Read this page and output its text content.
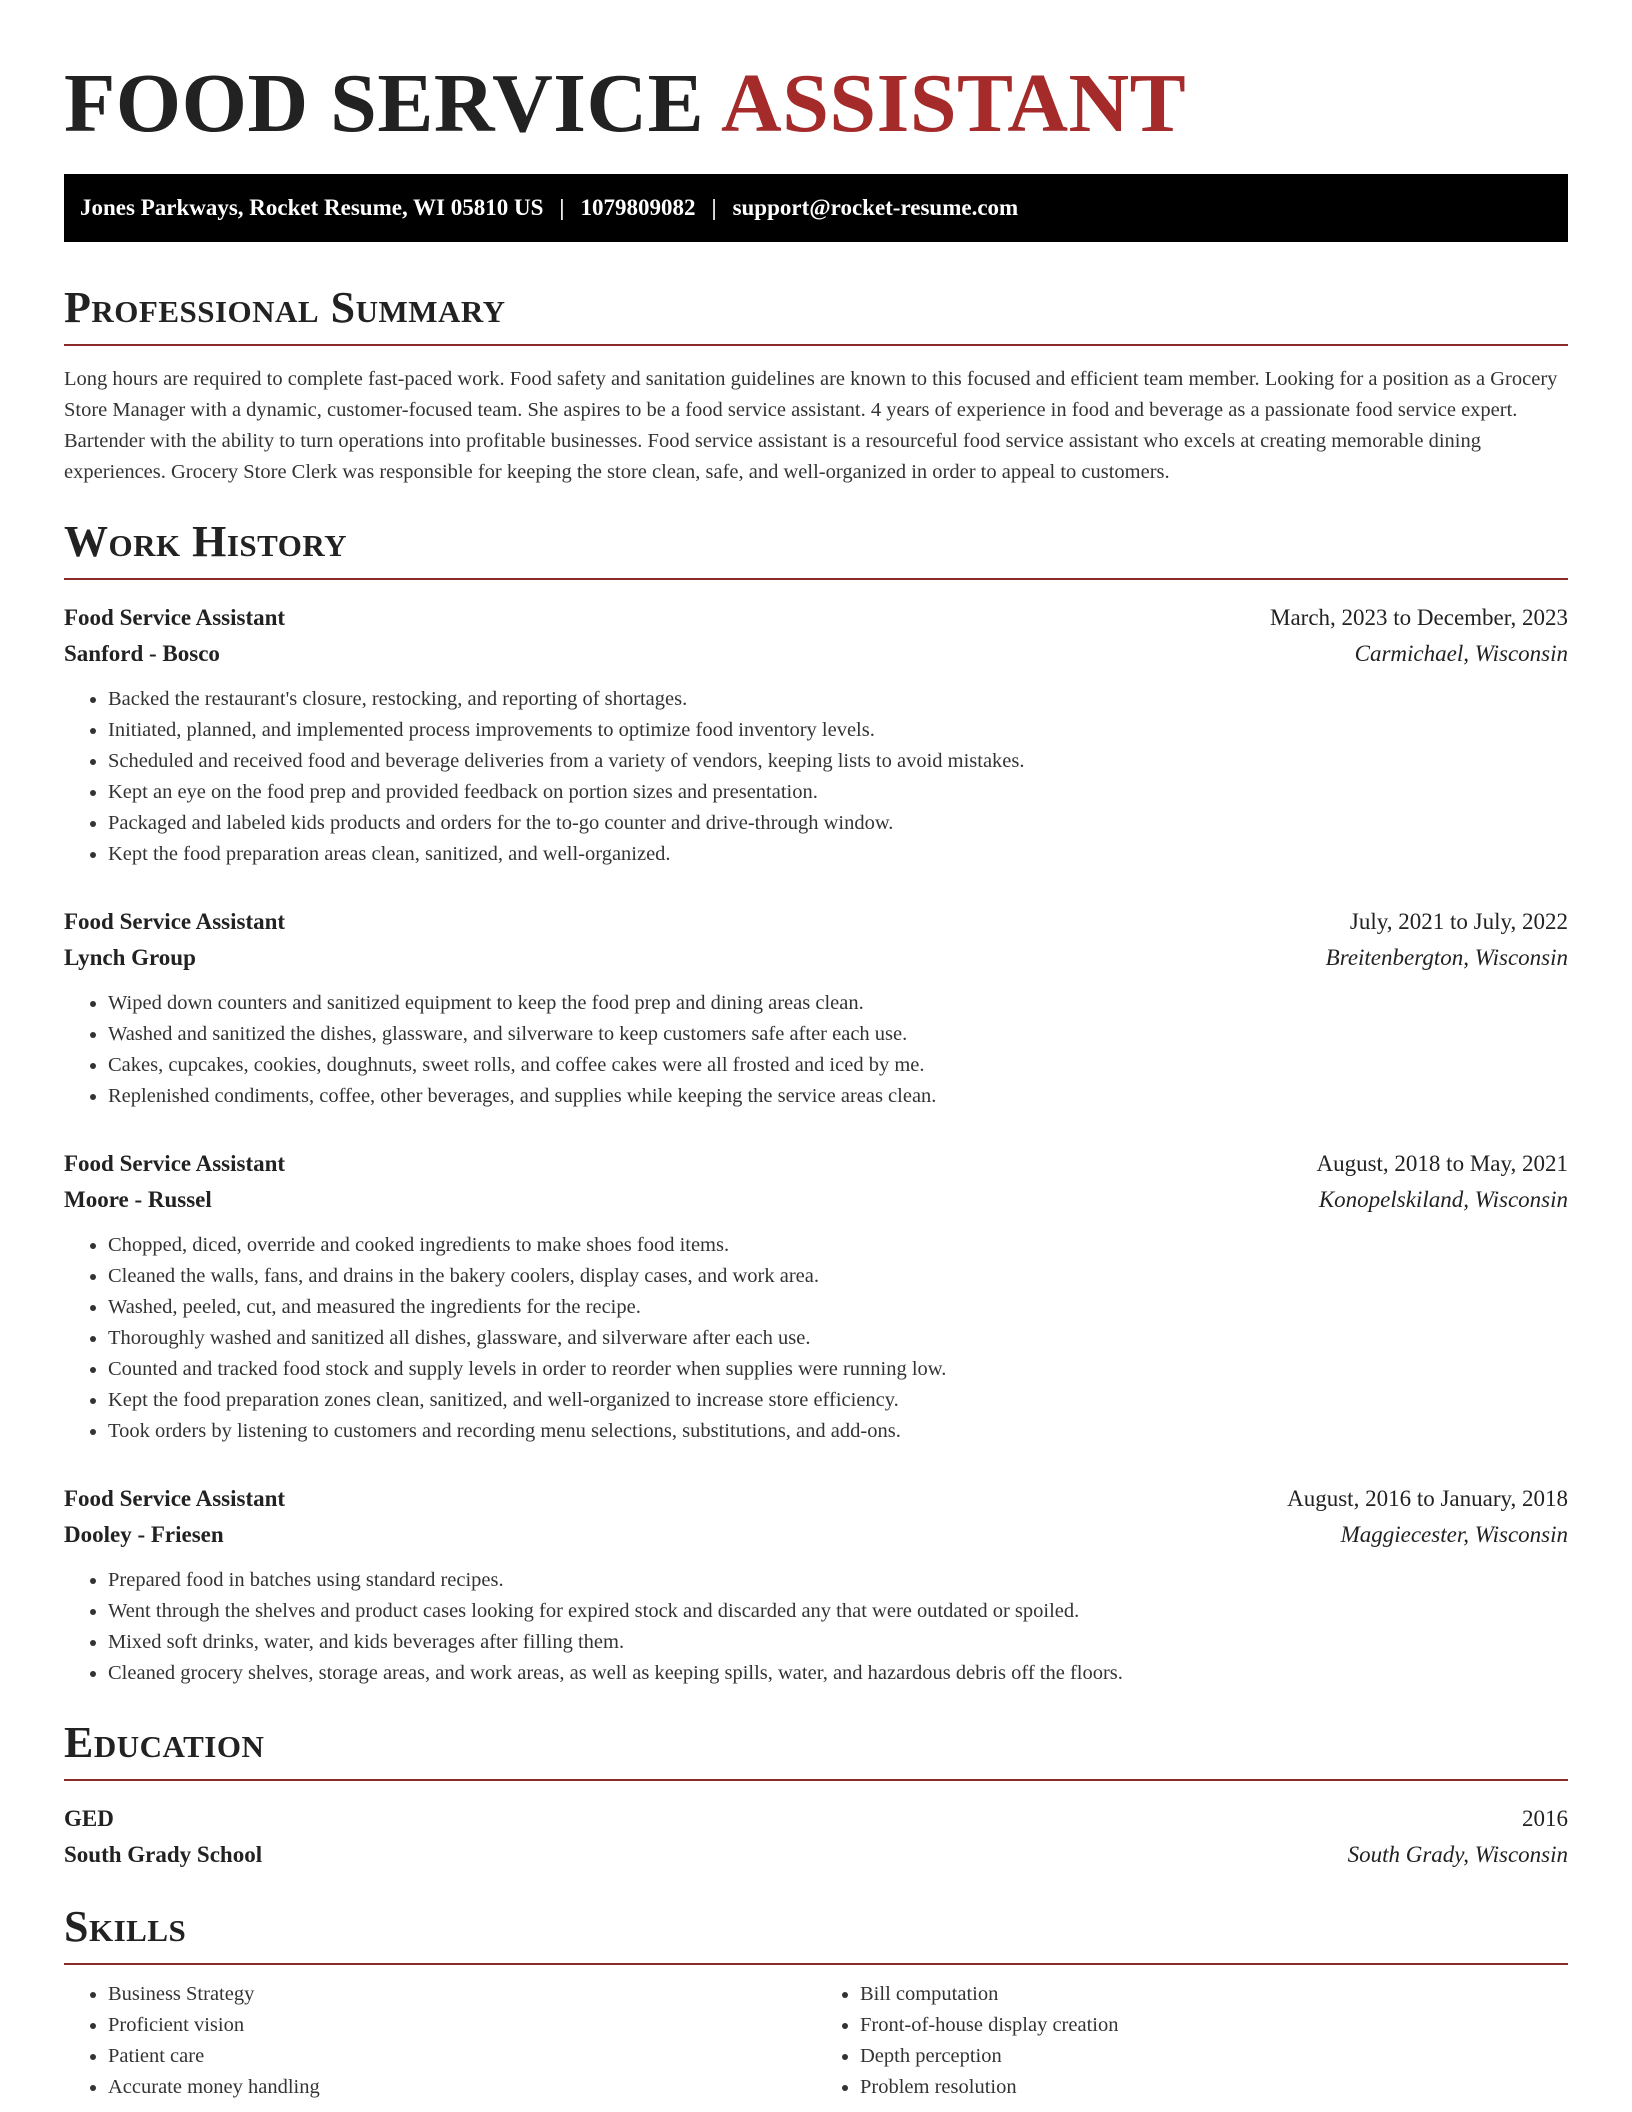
FOOD SERVICE ASSISTANT
Jones Parkways, Rocket Resume, WI 05810 US | 1079809082 | support@rocket-resume.com
Professional Summary

Long hours are required to complete fast-paced work. Food safety and sanitation guidelines are known to this focused and efficient team member. Looking for a position as a Grocery Store Manager with a dynamic, customer-focused team. She aspires to be a food service assistant. 4 years of experience in food and beverage as a passionate food service expert. Bartender with the ability to turn operations into profitable businesses. Food service assistant is a resourceful food service assistant who excels at creating memorable dining experiences. Grocery Store Clerk was responsible for keeping the store clean, safe, and well-organized in order to appeal to customers.

Work History
Food Service Assistant	March, 2023 to December, 2023
Sanford - Bosco	Carmichael, Wisconsin
• Backed the restaurant's closure, restocking, and reporting of shortages.
• Initiated, planned, and implemented process improvements to optimize food inventory levels.
• Scheduled and received food and beverage deliveries from a variety of vendors, keeping lists to avoid mistakes.
• Kept an eye on the food prep and provided feedback on portion sizes and presentation.
• Packaged and labeled kids products and orders for the to-go counter and drive-through window.
• Kept the food preparation areas clean, sanitized, and well-organized.
Food Service Assistant	July, 2021 to July, 2022
Lynch Group	Breitenbergton, Wisconsin
• Wiped down counters and sanitized equipment to keep the food prep and dining areas clean.
• Washed and sanitized the dishes, glassware, and silverware to keep customers safe after each use.
• Cakes, cupcakes, cookies, doughnuts, sweet rolls, and coffee cakes were all frosted and iced by me.
• Replenished condiments, coffee, other beverages, and supplies while keeping the service areas clean.
Food Service Assistant	August, 2018 to May, 2021
Moore - Russel	Konopelskiland, Wisconsin
• Chopped, diced, override and cooked ingredients to make shoes food items.
• Cleaned the walls, fans, and drains in the bakery coolers, display cases, and work area.
• Washed, peeled, cut, and measured the ingredients for the recipe.
• Thoroughly washed and sanitized all dishes, glassware, and silverware after each use.
• Counted and tracked food stock and supply levels in order to reorder when supplies were running low.
• Kept the food preparation zones clean, sanitized, and well-organized to increase store efficiency.
• Took orders by listening to customers and recording menu selections, substitutions, and add-ons.
Food Service Assistant	August, 2016 to January, 2018
Dooley - Friesen	Maggiecester, Wisconsin
• Prepared food in batches using standard recipes.
• Went through the shelves and product cases looking for expired stock and discarded any that were outdated or spoiled.
• Mixed soft drinks, water, and kids beverages after filling them.
• Cleaned grocery shelves, storage areas, and work areas, as well as keeping spills, water, and hazardous debris off the floors.
Education
GED	2016
South Grady School	South Grady, Wisconsin
Skills
• Business Strategy
• Proficient vision
• Patient care
• Accurate money handling
• Bill computation
• Front-of-house display creation
• Depth perception
• Problem resolution
